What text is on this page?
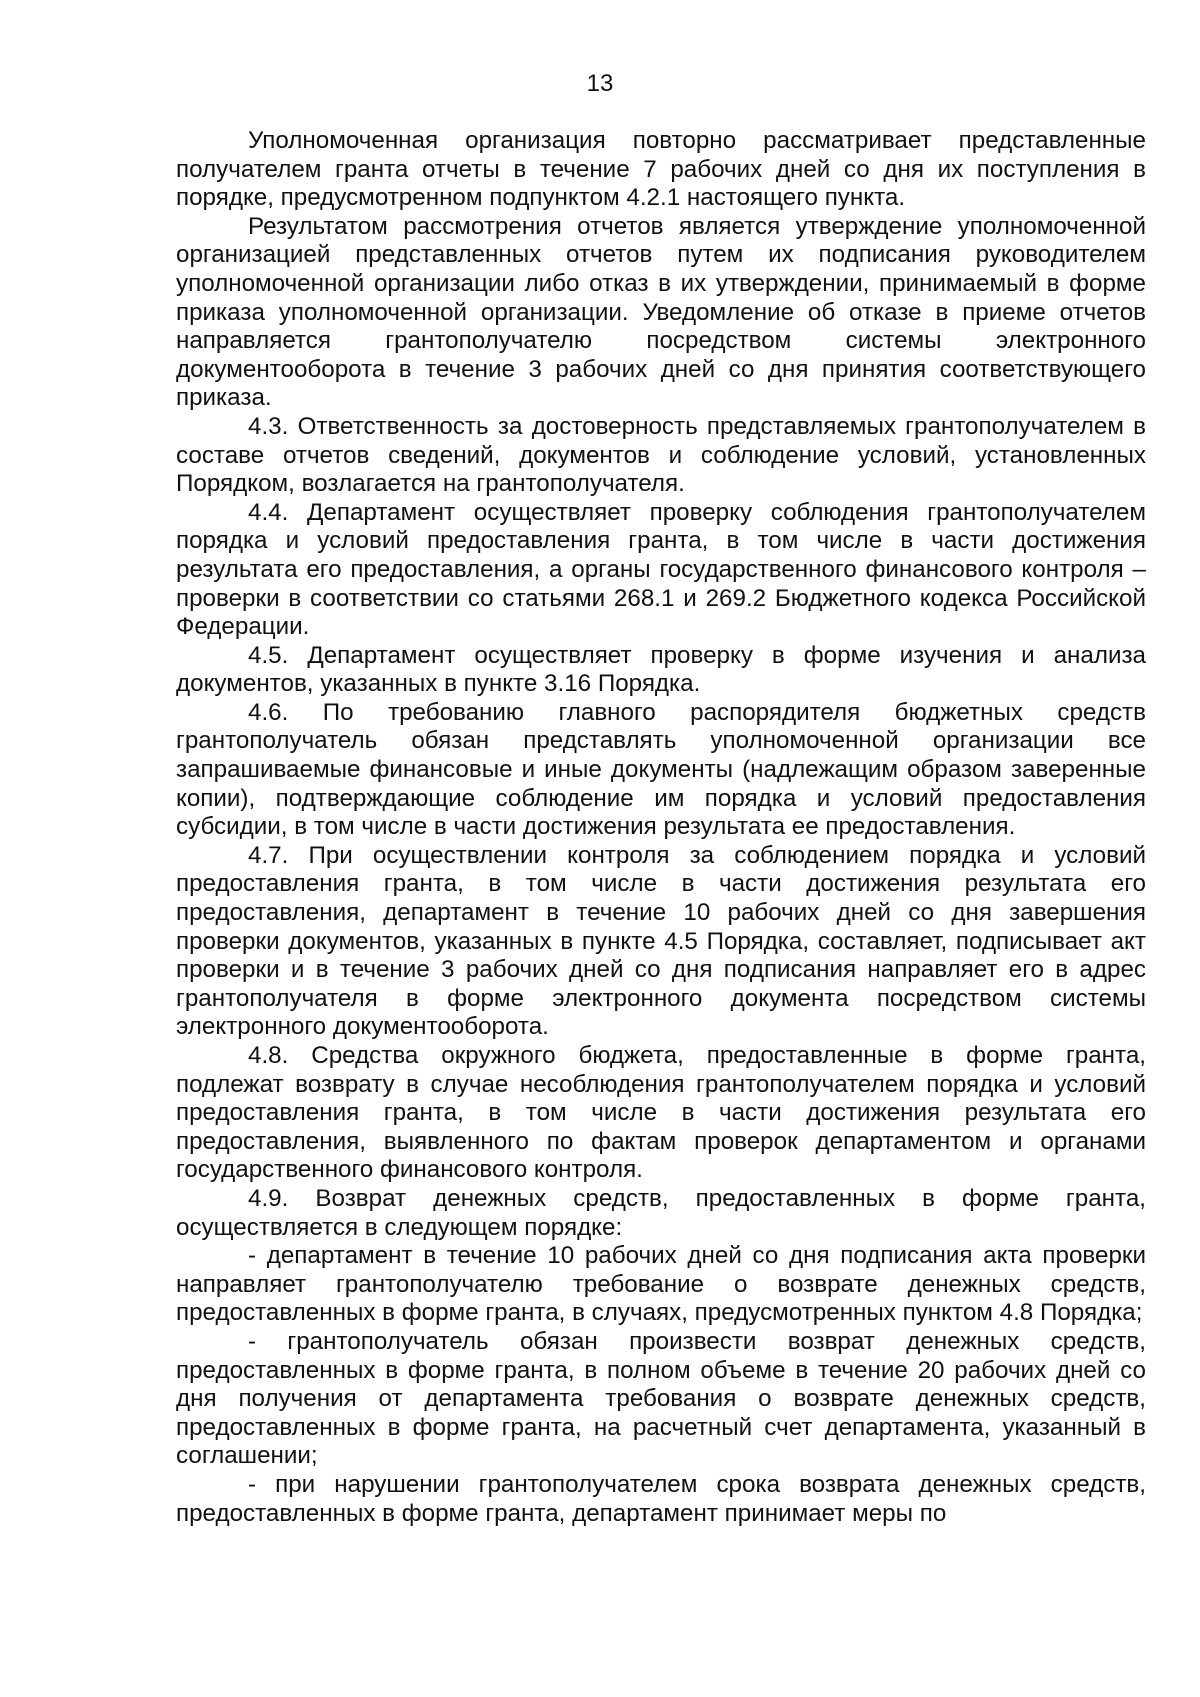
13

Уполномоченная организация повторно рассматривает представленные получателем гранта отчеты в течение 7 рабочих дней со дня их поступления в порядке, предусмотренном подпунктом 4.2.1 настоящего пункта.

Результатом рассмотрения отчетов является утверждение уполномоченной организацией представленных отчетов путем их подписания руководителем уполномоченной организации либо отказ в их утверждении, принимаемый в форме приказа уполномоченной организации. Уведомление об отказе в приеме отчетов направляется грантополучателю посредством системы электронного документооборота в течение 3 рабочих дней со дня принятия соответствующего приказа.

4.3. Ответственность за достоверность представляемых грантополучателем в составе отчетов сведений, документов и соблюдение условий, установленных Порядком, возлагается на грантополучателя.

4.4. Департамент осуществляет проверку соблюдения грантополучателем порядка и условий предоставления гранта, в том числе в части достижения результата его предоставления, а органы государственного финансового контроля – проверки в соответствии со статьями 268.1 и 269.2 Бюджетного кодекса Российской Федерации.

4.5. Департамент осуществляет проверку в форме изучения и анализа документов, указанных в пункте 3.16 Порядка.

4.6. По требованию главного распорядителя бюджетных средств грантополучатель обязан представлять уполномоченной организации все запрашиваемые финансовые и иные документы (надлежащим образом заверенные копии), подтверждающие соблюдение им порядка и условий предоставления субсидии, в том числе в части достижения результата ее предоставления.

4.7. При осуществлении контроля за соблюдением порядка и условий предоставления гранта, в том числе в части достижения результата его предоставления, департамент в течение 10 рабочих дней со дня завершения проверки документов, указанных в пункте 4.5 Порядка, составляет, подписывает акт проверки и в течение 3 рабочих дней со дня подписания направляет его в адрес грантополучателя в форме электронного документа посредством системы электронного документооборота.

4.8. Средства окружного бюджета, предоставленные в форме гранта, подлежат возврату в случае несоблюдения грантополучателем порядка и условий предоставления гранта, в том числе в части достижения результата его предоставления, выявленного по фактам проверок департаментом и органами государственного финансового контроля.

4.9. Возврат денежных средств, предоставленных в форме гранта, осуществляется в следующем порядке:

- департамент в течение 10 рабочих дней со дня подписания акта проверки направляет грантополучателю требование о возврате денежных средств, предоставленных в форме гранта, в случаях, предусмотренных пунктом 4.8 Порядка;

- грантополучатель обязан произвести возврат денежных средств, предоставленных в форме гранта, в полном объеме в течение 20 рабочих дней со дня получения от департамента требования о возврате денежных средств, предоставленных в форме гранта, на расчетный счет департамента, указанный в соглашении;

- при нарушении грантополучателем срока возврата денежных средств, предоставленных в форме гранта, департамент принимает меры по
